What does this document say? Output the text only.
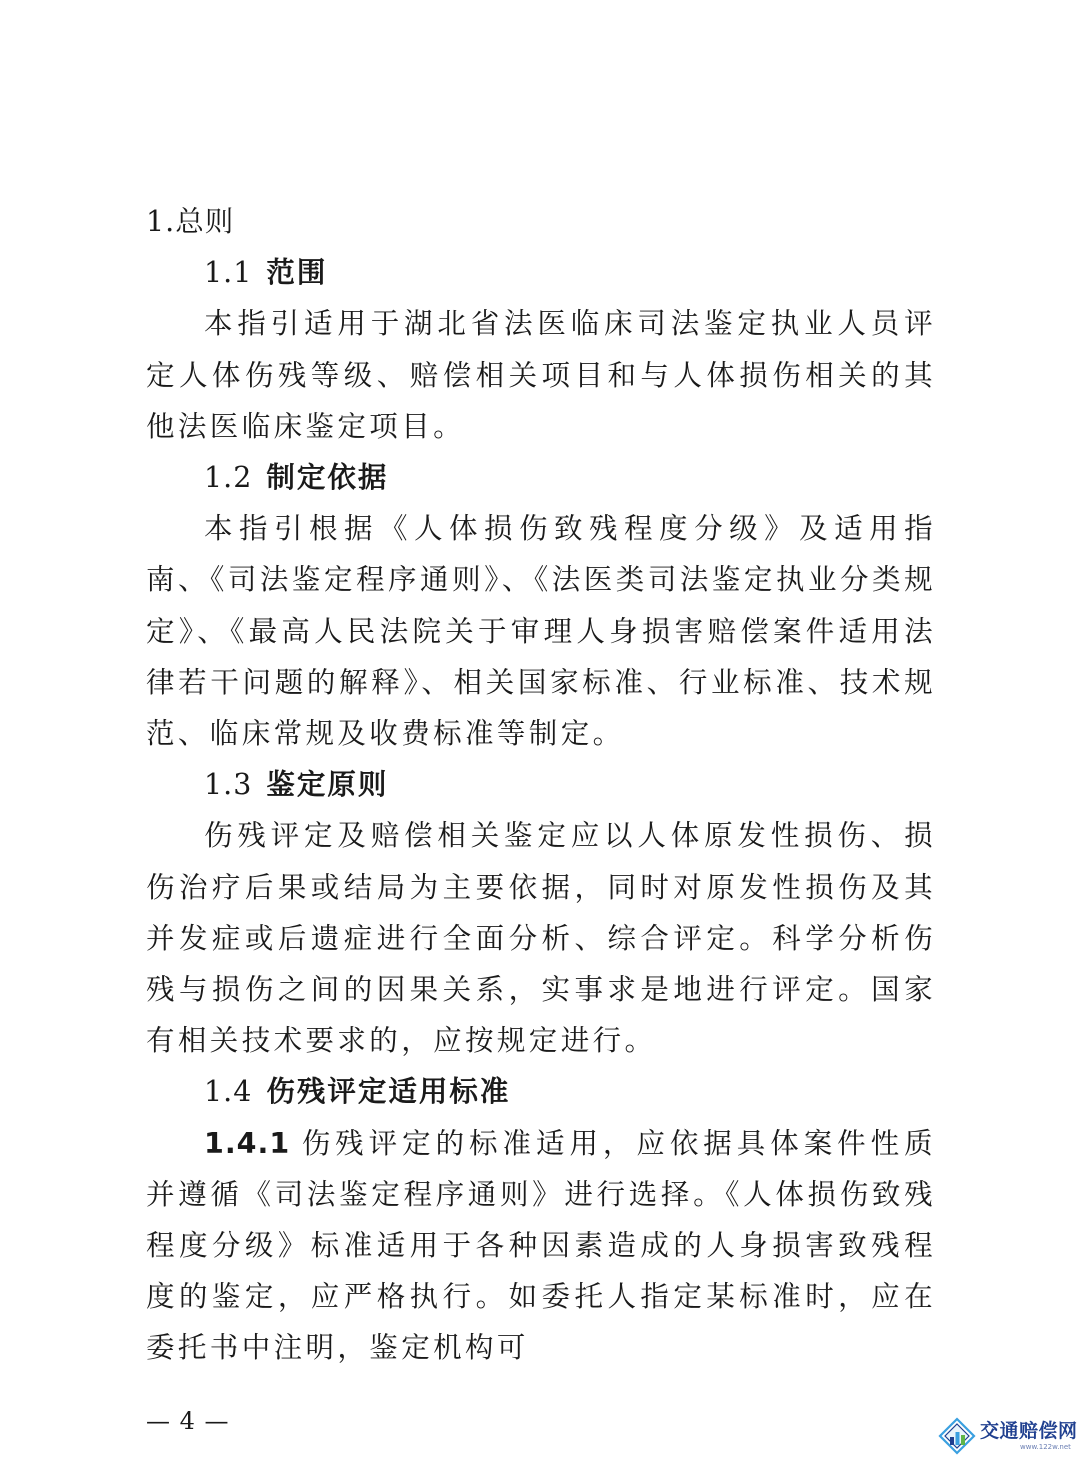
1.总则
1.1 范围

本指引适用于湖北省法医临床司法鉴定执业人员评定人体伤残等级、赔偿相关项目和与人体损伤相关的其他法医临床鉴定项目。

1.2 制定依据

本指引根据《人体损伤致残程度分级》及适用指南、《司法鉴定程序通则》、《法医类司法鉴定执业分类规定》、《最高人民法院关于审理人身损害赔偿案件适用法律若干问题的解释》、相关国家标准、行业标准、技术规范、临床常规及收费标准等制定。

1.3 鉴定原则

伤残评定及赔偿相关鉴定应以人体原发性损伤、损伤治疗后果或结局为主要依据，同时对原发性损伤及其并发症或后遗症进行全面分析、综合评定。科学分析伤残与损伤之间的因果关系，实事求是地进行评定。国家有相关技术要求的，应按规定进行。

1.4 伤残评定适用标准

1.4.1 伤残评定的标准适用，应依据具体案件性质并遵循《司法鉴定程序通则》进行选择。《人体损伤致残程度分级》标准适用于各种因素造成的人身损害致残程度的鉴定，应严格执行。如委托人指定某标准时，应在委托书中注明，鉴定机构可

— 4 —	交通赔偿网
www.122w.net
